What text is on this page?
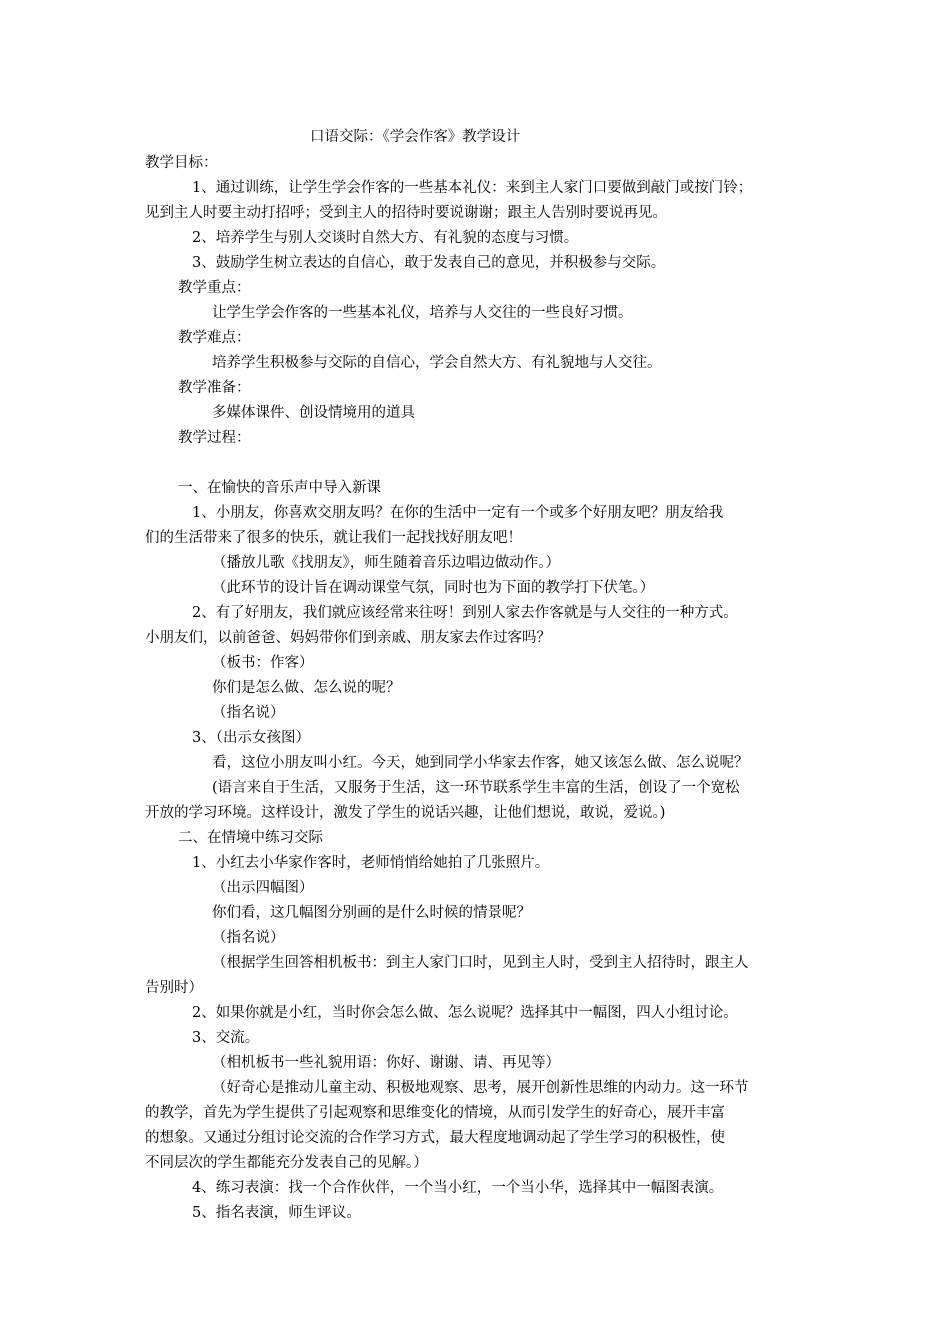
口语交际：《学会作客》教学设计
教学目标：
1、通过训练，让学生学会作客的一些基本礼仪：来到主人家门口要做到敲门或按门铃；
见到主人时要主动打招呼；受到主人的招待时要说谢谢；跟主人告别时要说再见。
2、培养学生与别人交谈时自然大方、有礼貌的态度与习惯。
3、鼓励学生树立表达的自信心，敢于发表自己的意见，并积极参与交际。
教学重点：
让学生学会作客的一些基本礼仪，培养与人交往的一些良好习惯。
教学难点：
培养学生积极参与交际的自信心，学会自然大方、有礼貌地与人交往。
教学准备：
多媒体课件、创设情境用的道具
教学过程：
一、在愉快的音乐声中导入新课
1、小朋友，你喜欢交朋友吗？在你的生活中一定有一个或多个好朋友吧？朋友给我
们的生活带来了很多的快乐，就让我们一起找找好朋友吧！
（播放儿歌《找朋友》，师生随着音乐边唱边做动作。）
（此环节的设计旨在调动课堂气氛，同时也为下面的教学打下伏笔。）
2、有了好朋友，我们就应该经常来往呀！到别人家去作客就是与人交往的一种方式。
小朋友们，以前爸爸、妈妈带你们到亲戚、朋友家去作过客吗？
（板书：作客）
你们是怎么做、怎么说的呢？
（指名说）
3、（出示女孩图）
看，这位小朋友叫小红。今天，她到同学小华家去作客，她又该怎么做、怎么说呢？
(语言来自于生活，又服务于生活，这一环节联系学生丰富的生活，创设了一个宽松
开放的学习环境。这样设计，激发了学生的说话兴趣，让他们想说，敢说，爱说。)
二、在情境中练习交际
1、小红去小华家作客时，老师悄悄给她拍了几张照片。
（出示四幅图）
你们看，这几幅图分别画的是什么时候的情景呢？
（指名说）
（根据学生回答相机板书：到主人家门口时，见到主人时，受到主人招待时，跟主人
告别时）
2、如果你就是小红，当时你会怎么做、怎么说呢？选择其中一幅图，四人小组讨论。
3、交流。
（相机板书一些礼貌用语：你好、谢谢、请、再见等）
（好奇心是推动儿童主动、积极地观察、思考，展开创新性思维的内动力。这一环节
的教学，首先为学生提供了引起观察和思维变化的情境，从而引发学生的好奇心，展开丰富
的想象。又通过分组讨论交流的合作学习方式，最大程度地调动起了学生学习的积极性，使
不同层次的学生都能充分发表自己的见解。）
4、练习表演：找一个合作伙伴，一个当小红，一个当小华，选择其中一幅图表演。
5、指名表演，师生评议。
